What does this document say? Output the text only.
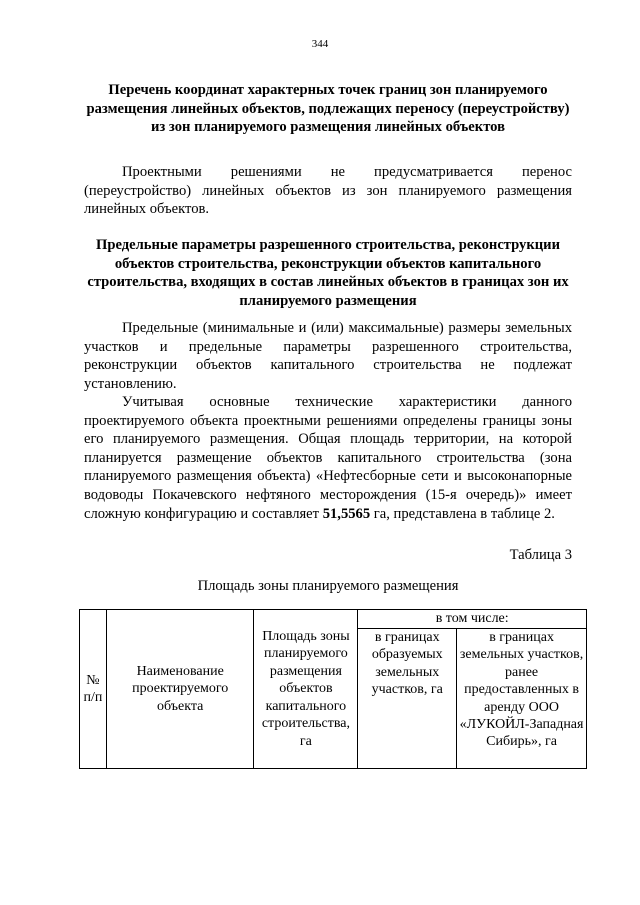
344
Перечень координат характерных точек границ зон планируемого размещения линейных объектов, подлежащих переносу (переустройству) из зон планируемого размещения линейных объектов

Проектными решениями не предусматривается перенос (переустройство) линейных объектов из зон планируемого размещения линейных объектов.

Предельные параметры разрешенного строительства, реконструкции объектов строительства, реконструкции объектов капитального строительства, входящих в состав линейных объектов в границах зон их планируемого размещения

Предельные (минимальные и (или) максимальные) размеры земельных участков и предельные параметры разрешенного строительства, реконструкции объектов капитального строительства не подлежат установлению.

Учитывая основные технические характеристики данного проектируемого объекта проектными решениями определены границы зоны его планируемого размещения. Общая площадь территории, на которой планируется размещение объектов капитального строительства (зона планируемого размещения объекта) «Нефтесборные сети и высоконапорные водоводы Покачевского нефтяного месторождения (15-я очередь)» имеет сложную конфигурацию и составляет 51,5565 га, представлена в таблице 2.

Таблица 3
Площадь зоны планируемого размещения
№ п/п	Наименование проектируемого объекта	Площадь зоны планируемого размещения объектов капитального строительства, га	в том числе:	
			в границах образуемых земельных участков, га	в границах земельных участков, ранее предоставленных в аренду ООО «ЛУКОЙЛ-Западная Сибирь», га
